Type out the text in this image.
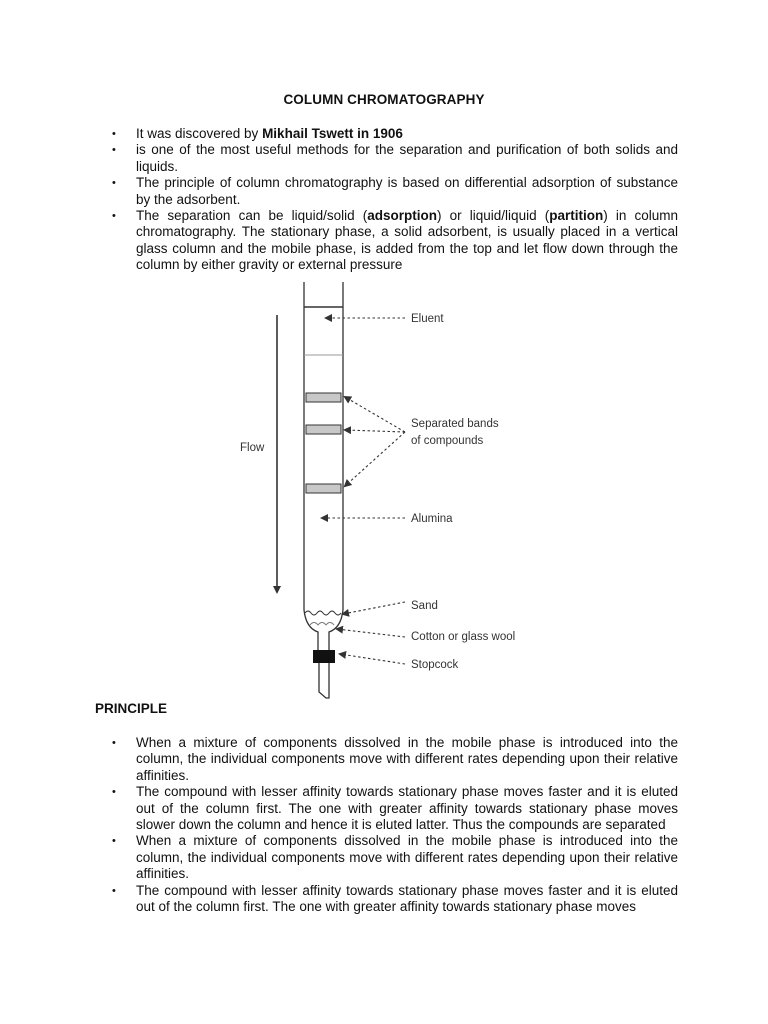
COLUMN CHROMATOGRAPHY
• It was discovered by Mikhail Tswett in 1906
• is one of the most useful methods for the separation and purification of both solids and liquids.
• The principle of column chromatography is based on differential adsorption of substance by the adsorbent.
• The separation can be liquid/solid (adsorption) or liquid/liquid (partition) in column chromatography. The stationary phase, a solid adsorbent, is usually placed in a vertical glass column and the mobile phase, is added from the top and let flow down through the column by either gravity or external pressure
Flow
Eluent
Separated bands
of compounds
Alumina
Sand
Cotton or glass wool
Stopcock
PRINCIPLE
• When a mixture of components dissolved in the mobile phase is introduced into the column, the individual components move with different rates depending upon their relative affinities.
• The compound with lesser affinity towards stationary phase moves faster and it is eluted out of the column first. The one with greater affinity towards stationary phase moves slower down the column and hence it is eluted latter. Thus the compounds are separated
• When a mixture of components dissolved in the mobile phase is introduced into the column, the individual components move with different rates depending upon their relative affinities.
• The compound with lesser affinity towards stationary phase moves faster and it is eluted out of the column first. The one with greater affinity towards stationary phase moves
